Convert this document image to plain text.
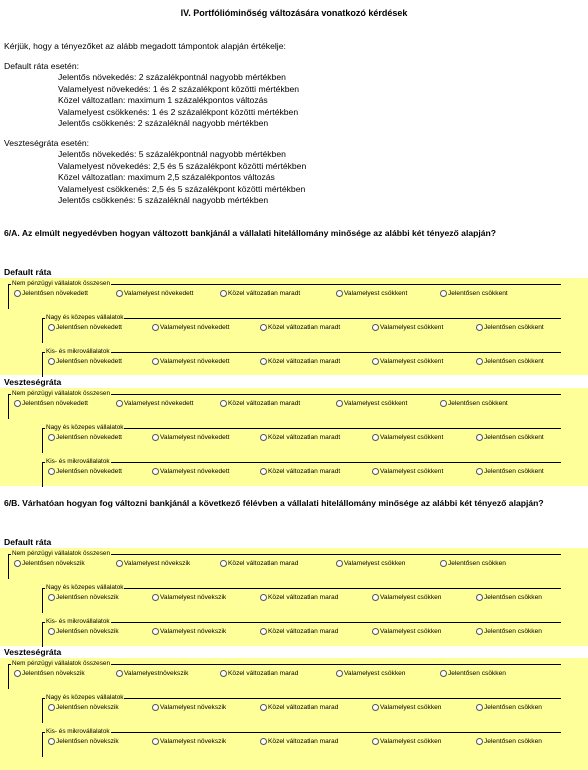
IV. Portfólióminőség változására vonatkozó kérdések
Kérjük, hogy a tényezőket az alább megadott támpontok alapján értékelje:
Default ráta esetén:
Jelentős növekedés: 2 százalékpontnál nagyobb mértékben
Valamelyest növekedés: 1 és 2 százalékpont közötti mértékben
Közel változatlan: maximum 1 százalékpontos változás
Valamelyest csökkenés: 1 és 2 százalékpont közötti mértékben
Jelentős csökkenés: 2 százaléknál nagyobb mértékben
Veszteségráta esetén:
Jelentős növekedés: 5 százalékpontnál nagyobb mértékben
Valamelyest növekedés: 2,5 és 5 százalékpont közötti mértékben
Közel változatlan: maximum 2,5 százalékpontos változás
Valamelyest csökkenés: 2,5 és 5 százalékpont közötti mértékben
Jelentős csökkenés: 5 százaléknál nagyobb mértékben
6/A. Az elmúlt negyedévben hogyan változott bankjánál a vállalati hitelállomány minősége az alábbi két tényező alapján?
6/B. Várhatóan hogyan fog változni bankjánál a következő félévben a vállalati hitelállomány minősége az alábbi két tényező alapján?
Default ráta
Nem pénzügyi vállalatok összesen
Jelentősen növekedett	Valamelyest növekedett	Közel változatlan maradt	Valamelyest csökkent	Jelentősen csökkent
Nagy és közepes vállalatok
Jelentősen növekedett	Valamelyest növekedett	Közel változatlan maradt	Valamelyest csökkent	Jelentősen csökkent
Kis- és mikrovállalatok
Jelentősen növekedett	Valamelyest növekedett	Közel változatlan maradt	Valamelyest csökkent	Jelentősen csökkent
Veszteségráta
Nem pénzügyi vállalatok összesen
Jelentősen növekedett	Valamelyest növekedett	Közel változatlan maradt	Valamelyest csökkent	Jelentősen csökkent
Nagy és közepes vállalatok
Jelentősen növekedett	Valamelyest növekedett	Közel változatlan maradt	Valamelyest csökkent	Jelentősen csökkent
Kis- és mikrovállalatok
Jelentősen növekedett	Valamelyest növekedett	Közel változatlan maradt	Valamelyest csökkent	Jelentősen csökkent
Default ráta
Nem pénzügyi vállalatok összesen
Jelentősen növekszik	Valamelyest növekszik	Közel változatlan marad	Valamelyest csökken	Jelentősen csökken
Nagy és közepes vállalatok
Jelentősen növekszik	Valamelyest növekszik	Közel változatlan marad	Valamelyest csökken	Jelentősen csökken
Kis- és mikrovállalatok
Jelentősen növekszik	Valamelyest növekszik	Közel változatlan marad	Valamelyest csökken	Jelentősen csökken
Veszteségráta
Nem pénzügyi vállalatok összesen
Jelentősen növekszik	Valamelyestnövekszik	Közel változatlan marad	Valamelyest csökken	Jelentősen csökken
Nagy és közepes vállalatok
Jelentősen növekszik	Valamelyest növekszik	Közel változatlan marad	Valamelyest csökken	Jelentősen csökken
Kis- és mikrovállalatok
Jelentősen növekszik	Valamelyest növekszik	Közel változatlan marad	Valamelyest csökken	Jelentősen csökken
